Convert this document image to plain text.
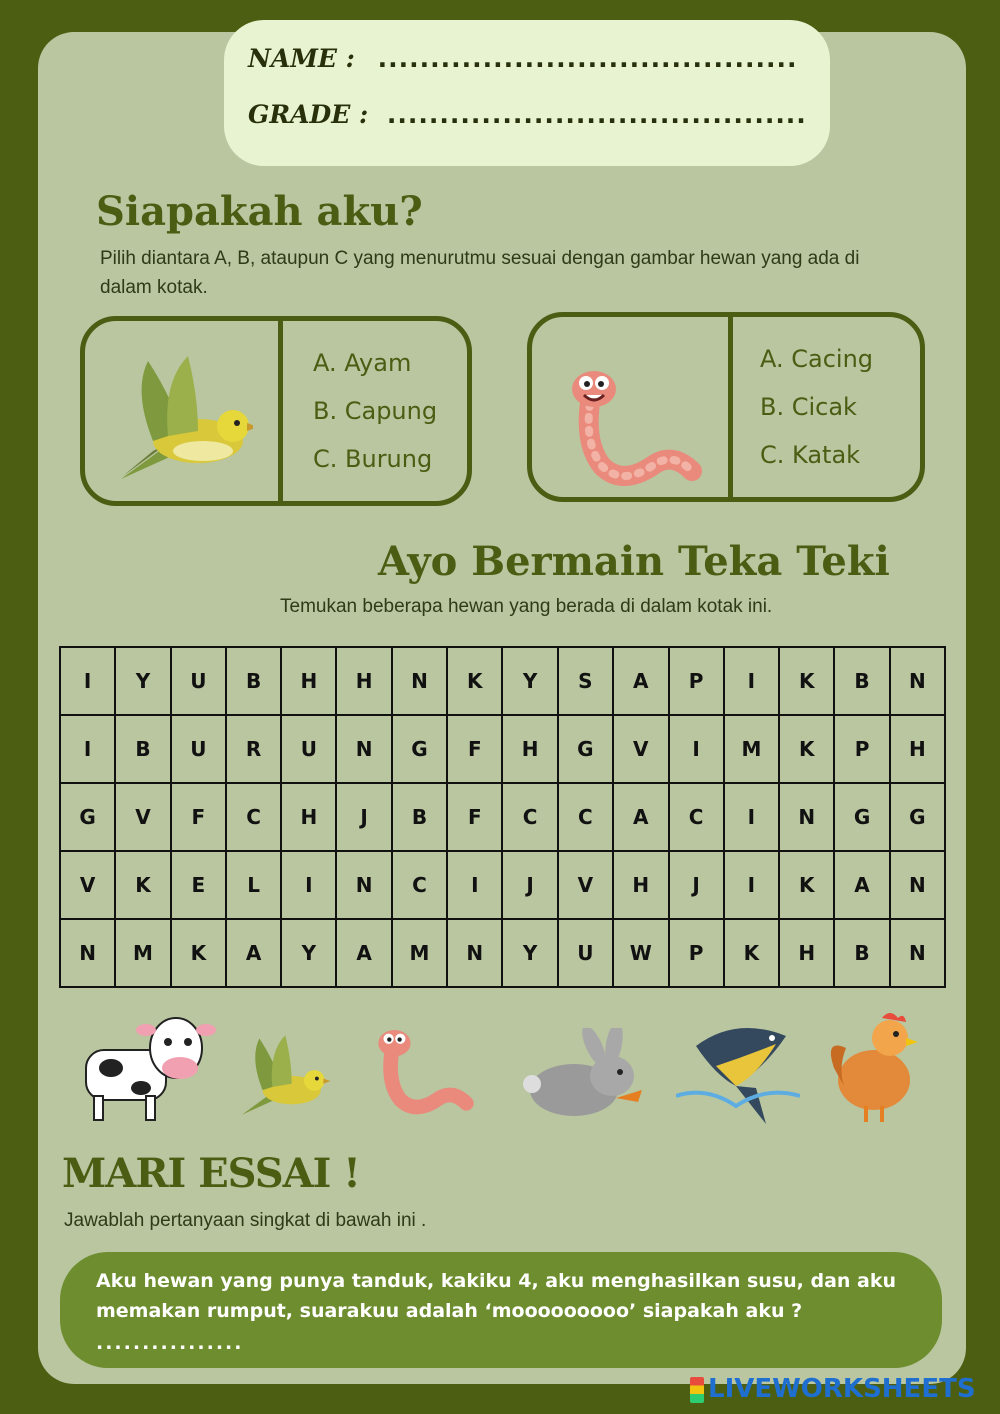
NAME : ........................................
GRADE : ........................................
Siapakah aku?
Pilih diantara A, B, ataupun C yang menurutmu sesuai dengan gambar hewan yang ada di dalam kotak.
A. Ayam
B. Capung
C. Burung
A. Cacing
B. Cicak
C. Katak
Ayo Bermain Teka Teki
Temukan beberapa hewan yang berada di dalam kotak ini.
I	Y	U	B	H	H	N	K	Y	S	A	P	I	K	B	N
I	B	U	R	U	N	G	F	H	G	V	I	M	K	P	H
G	V	F	C	H	J	B	F	C	C	A	C	I	N	G	G
V	K	E	L	I	N	C	I	J	V	H	J	I	K	A	N
N	M	K	A	Y	A	M	N	Y	U	W	P	K	H	B	N
MARI ESSAI !
Jawablah pertanyaan singkat di bawah ini .
Aku hewan yang punya tanduk, kakiku 4, aku menghasilkan susu, dan aku memakan rumput, suarakuu adalah ‘mooooooooo’ siapakah aku ?
................
LIVEWORKSHEETS
